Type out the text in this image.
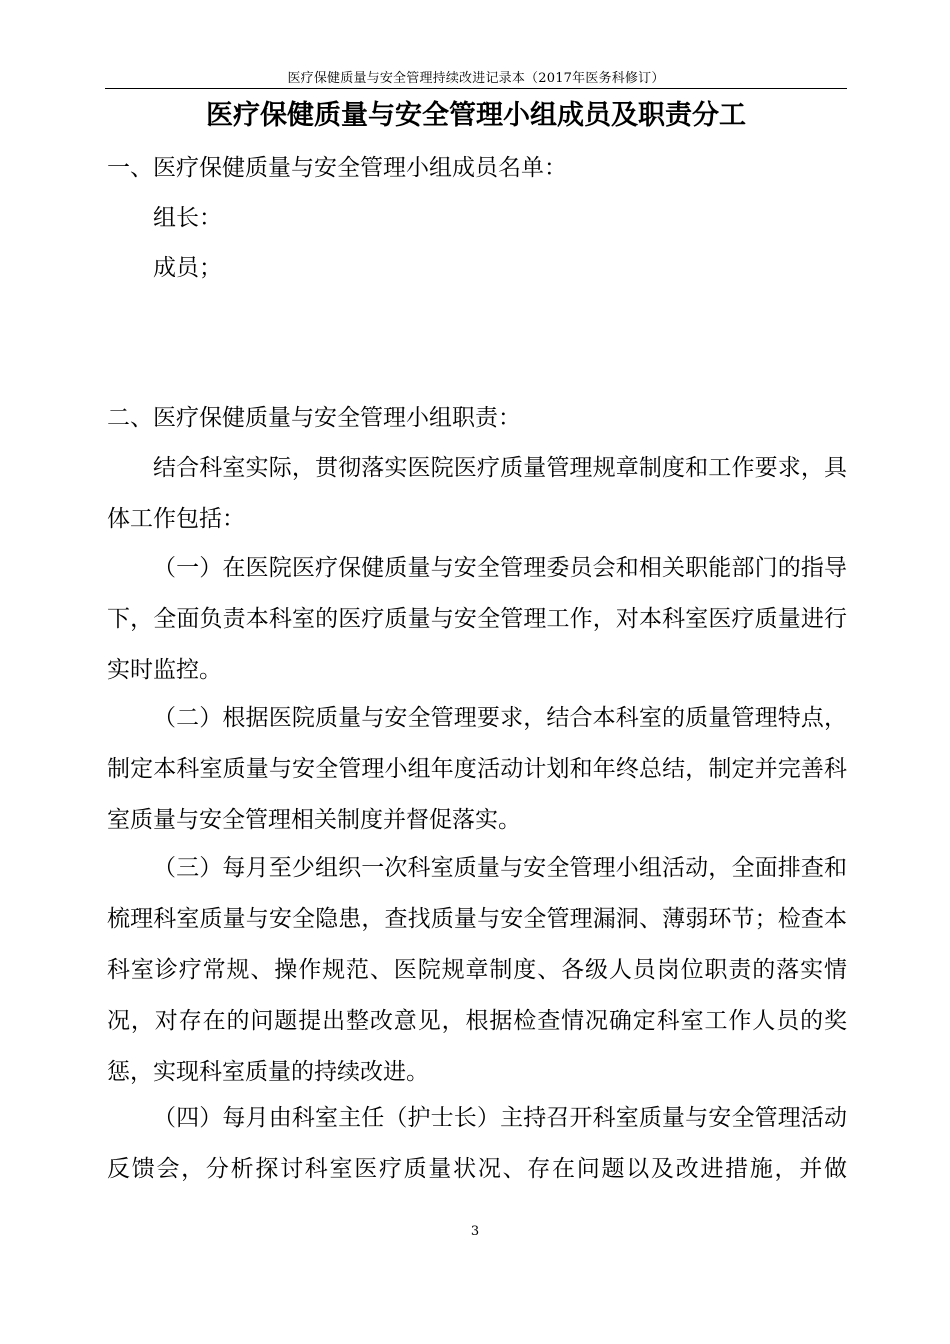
医疗保健质量与安全管理持续改进记录本（2017年医务科修订）
医疗保健质量与安全管理小组成员及职责分工
一、医疗保健质量与安全管理小组成员名单：
组长：
成员；
二、医疗保健质量与安全管理小组职责：

结合科室实际，贯彻落实医院医疗质量管理规章制度和工作要求，具体工作包括：

（一）在医院医疗保健质量与安全管理委员会和相关职能部门的指导下，全面负责本科室的医疗质量与安全管理工作，对本科室医疗质量进行实时监控。

（二）根据医院质量与安全管理要求，结合本科室的质量管理特点，制定本科室质量与安全管理小组年度活动计划和年终总结，制定并完善科室质量与安全管理相关制度并督促落实。

（三）每月至少组织一次科室质量与安全管理小组活动，全面排查和梳理科室质量与安全隐患，查找质量与安全管理漏洞、薄弱环节；检查本科室诊疗常规、操作规范、医院规章制度、各级人员岗位职责的落实情况，对存在的问题提出整改意见，根据检查情况确定科室工作人员的奖惩，实现科室质量的持续改进。

（四）每月由科室主任（护士长）主持召开科室质量与安全管理活动反馈会，分析探讨科室医疗质量状况、存在问题以及改进措施，并做

3
